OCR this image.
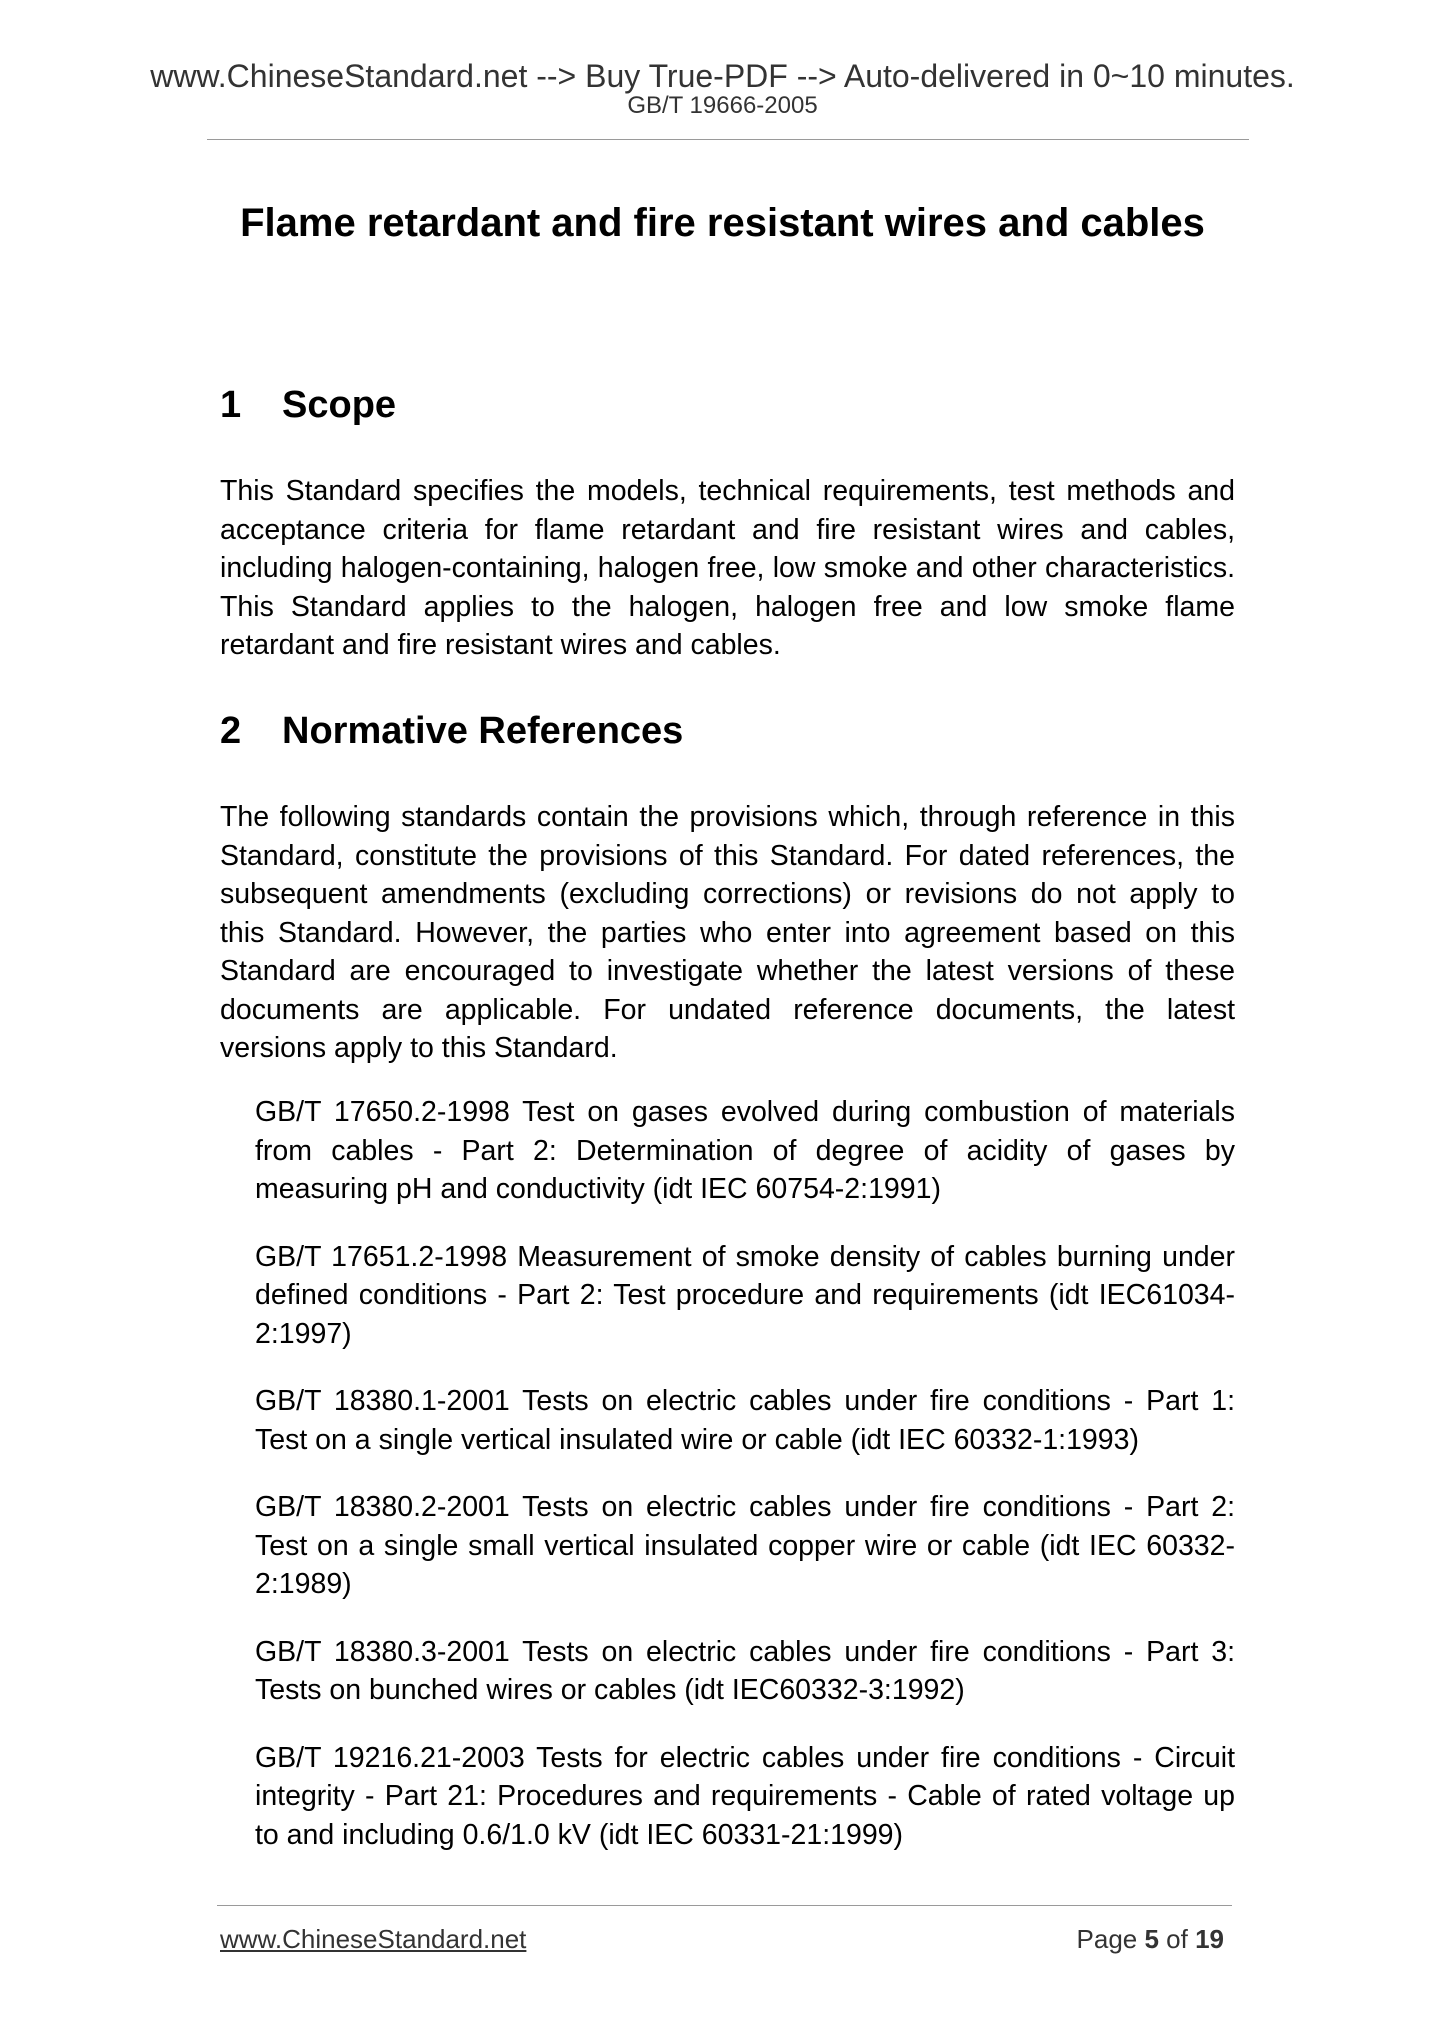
www.ChineseStandard.net --> Buy True-PDF --> Auto-delivered in 0~10 minutes.
GB/T 19666-2005
Flame retardant and fire resistant wires and cables
1 Scope

This Standard specifies the models, technical requirements, test methods and acceptance criteria for flame retardant and fire resistant wires and cables, including halogen-containing, halogen free, low smoke and other characteristics. This Standard applies to the halogen, halogen free and low smoke flame retardant and fire resistant wires and cables.

2 Normative References

The following standards contain the provisions which, through reference in this Standard, constitute the provisions of this Standard. For dated references, the subsequent amendments (excluding corrections) or revisions do not apply to this Standard. However, the parties who enter into agreement based on this Standard are encouraged to investigate whether the latest versions of these documents are applicable. For undated reference documents, the latest versions apply to this Standard.

GB/T 17650.2-1998 Test on gases evolved during combustion of materials from cables - Part 2: Determination of degree of acidity of gases by measuring pH and conductivity (idt IEC 60754-2:1991)
GB/T 17651.2-1998 Measurement of smoke density of cables burning under defined conditions - Part 2: Test procedure and requirements (idt IEC61034-2:1997)
GB/T 18380.1-2001 Tests on electric cables under fire conditions - Part 1: Test on a single vertical insulated wire or cable (idt IEC 60332-1:1993)
GB/T 18380.2-2001 Tests on electric cables under fire conditions - Part 2: Test on a single small vertical insulated copper wire or cable (idt IEC 60332-2:1989)
GB/T 18380.3-2001 Tests on electric cables under fire conditions - Part 3: Tests on bunched wires or cables (idt IEC60332-3:1992)
GB/T 19216.21-2003 Tests for electric cables under fire conditions - Circuit integrity - Part 21: Procedures and requirements - Cable of rated voltage up to and including 0.6/1.0 kV (idt IEC 60331-21:1999)
www.ChineseStandard.net	Page 5 of 19
